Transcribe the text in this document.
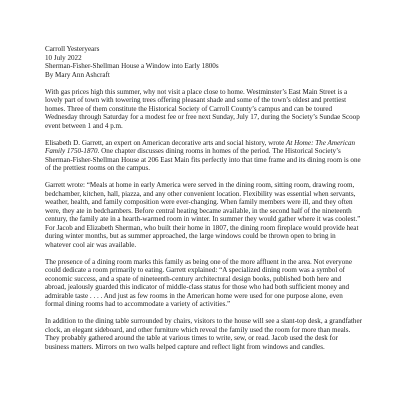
Carroll Yesteryears
10 July 2022
Sherman-Fisher-Shellman House a Window into Early 1800s
By Mary Ann Ashcraft

With gas prices high this summer, why not visit a place close to home. Westminster’s East Main Street is a lovely part of town with towering trees offering pleasant shade and some of the town’s oldest and prettiest homes. Three of them constitute the Historical Society of Carroll County’s campus and can be toured Wednesday through Saturday for a modest fee or free next Sunday, July 17, during the Society’s Sundae Scoop event between 1 and 4 p.m.

Elisabeth D. Garrett, an expert on American decorative arts and social history, wrote At Home: The American Family 1750-1870. One chapter discusses dining rooms in homes of the period. The Historical Society’s Sherman-Fisher-Shellman House at 206 East Main fits perfectly into that time frame and its dining room is one of the prettiest rooms on the campus.

Garrett wrote: “Meals at home in early America were served in the dining room, sitting room, drawing room, bedchamber, kitchen, hall, piazza, and any other convenient location. Flexibility was essential when servants, weather, health, and family composition were ever-changing. When family members were ill, and they often were, they ate in bedchambers. Before central heating became available, in the second half of the nineteenth century, the family ate in a hearth-warmed room in winter. In summer they would gather where it was coolest.” For Jacob and Elizabeth Sherman, who built their home in 1807, the dining room fireplace would provide heat during winter months, but as summer approached, the large windows could be thrown open to bring in whatever cool air was available.

The presence of a dining room marks this family as being one of the more affluent in the area. Not everyone could dedicate a room primarily to eating. Garrett explained: “A specialized dining room was a symbol of economic success, and a spate of nineteenth-century architectural design books, published both here and abroad, jealously guarded this indicator of middle-class status for those who had both sufficient money and admirable taste . . . . And just as few rooms in the American home were used for one purpose alone, even formal dining rooms had to accommodate a variety of activities.”

In addition to the dining table surrounded by chairs, visitors to the house will see a slant-top desk, a grandfather clock, an elegant sideboard, and other furniture which reveal the family used the room for more than meals. They probably gathered around the table at various times to write, sew, or read. Jacob used the desk for business matters. Mirrors on two walls helped capture and reflect light from windows and candles.
